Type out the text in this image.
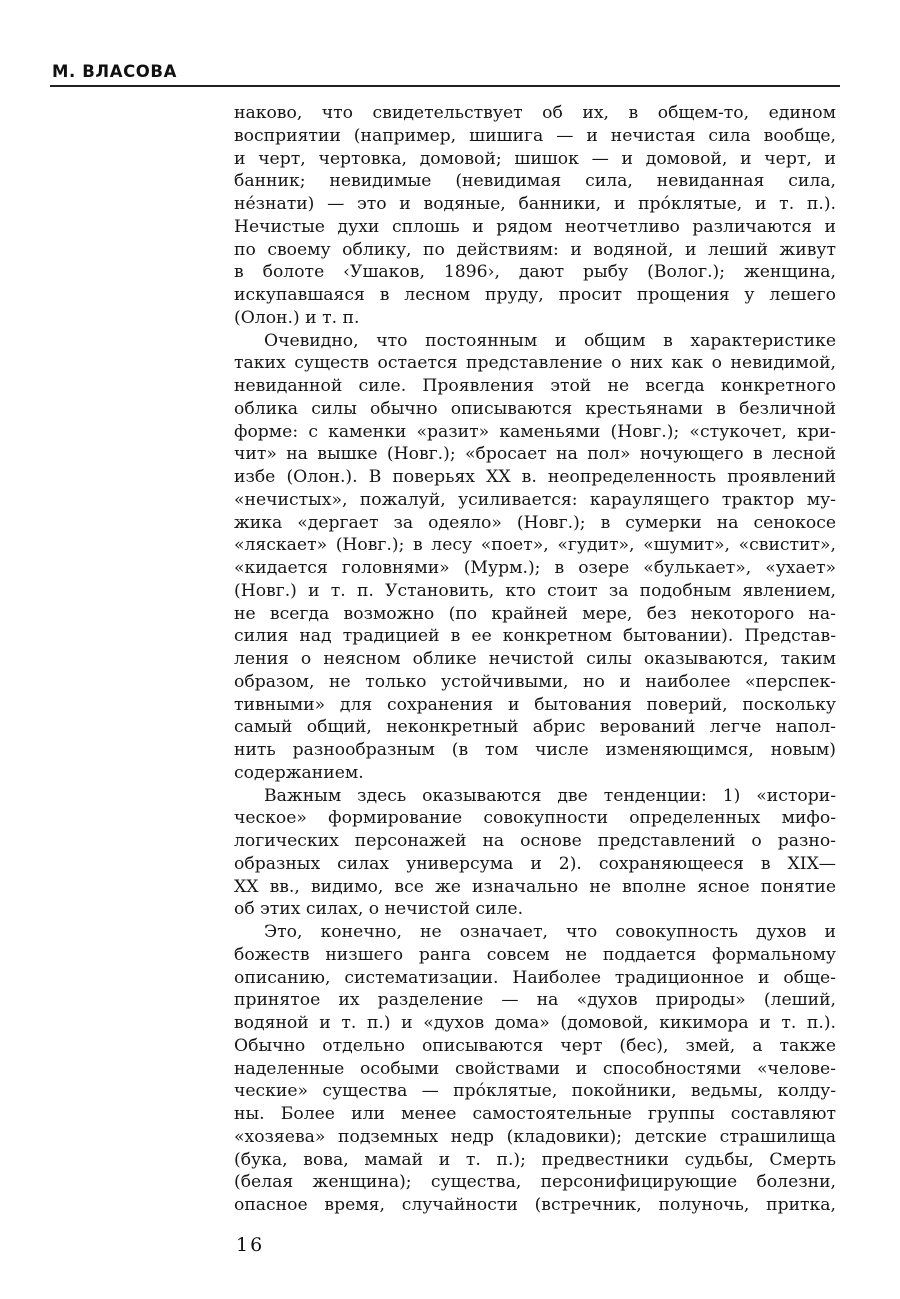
М. ВЛАСОВА
наково, что свидетельствует об их, в общем-то, едином
восприятии (например, шишига — и нечистая сила вообще,
и черт, чертовка, домовой; шишок — и домовой, и черт, и
банник; невидимые (невидимая сила, невиданная сила,
не́знати) — это и водяные, банники, и про́клятые, и т. п.).
Нечистые духи сплошь и рядом неотчетливо различаются и
по своему облику, по действиям: и водяной, и леший живут
в болоте ‹Ушаков, 1896›, дают рыбу (Волог.); женщина,
искупавшаяся в лесном пруду, просит прощения у лешего
(Олон.) и т. п.
Очевидно, что постоянным и общим в характеристике
таких существ остается представление о них как о невидимой,
невиданной силе. Проявления этой не всегда конкретного
облика силы обычно описываются крестьянами в безличной
форме: с каменки «разит» каменьями (Новг.); «стукочет, кри-
чит» на вышке (Новг.); «бросает на пол» ночующего в лесной
избе (Олон.). В поверьях XX в. неопределенность проявлений
«нечистых», пожалуй, усиливается: караулящего трактор му-
жика «дергает за одеяло» (Новг.); в сумерки на сенокосе
«ляскает» (Новг.); в лесу «поет», «гудит», «шумит», «свистит»,
«кидается головнями» (Мурм.); в озере «булькает», «ухает»
(Новг.) и т. п. Установить, кто стоит за подобным явлением,
не всегда возможно (по крайней мере, без некоторого на-
силия над традицией в ее конкретном бытовании). Представ-
ления о неясном облике нечистой силы оказываются, таким
образом, не только устойчивыми, но и наиболее «перспек-
тивными» для сохранения и бытования поверий, поскольку
самый общий, неконкретный абрис верований легче напол-
нить разнообразным (в том числе изменяющимся, новым)
содержанием.
Важным здесь оказываются две тенденции: 1) «истори-
ческое» формирование совокупности определенных мифо-
логических персонажей на основе представлений о разно-
образных силах универсума и 2). сохраняющееся в XIX—
XX вв., видимо, все же изначально не вполне ясное понятие
об этих силах, о нечистой силе.
Это, конечно, не означает, что совокупность духов и
божеств низшего ранга совсем не поддается формальному
описанию, систематизации. Наиболее традиционное и обще-
принятое их разделение — на «духов природы» (леший,
водяной и т. п.) и «духов дома» (домовой, кикимора и т. п.).
Обычно отдельно описываются черт (бес), змей, а также
наделенные особыми свойствами и способностями «челове-
ческие» существа — про́клятые, покойники, ведьмы, колду-
ны. Более или менее самостоятельные группы составляют
«хозяева» подземных недр (кладовики); детские страшилища
(бука, вова, мамай и т. п.); предвестники судьбы, Смерть
(белая женщина); существа, персонифицирующие болезни,
опасное время, случайности (встречник, полуночь, притка,
16
